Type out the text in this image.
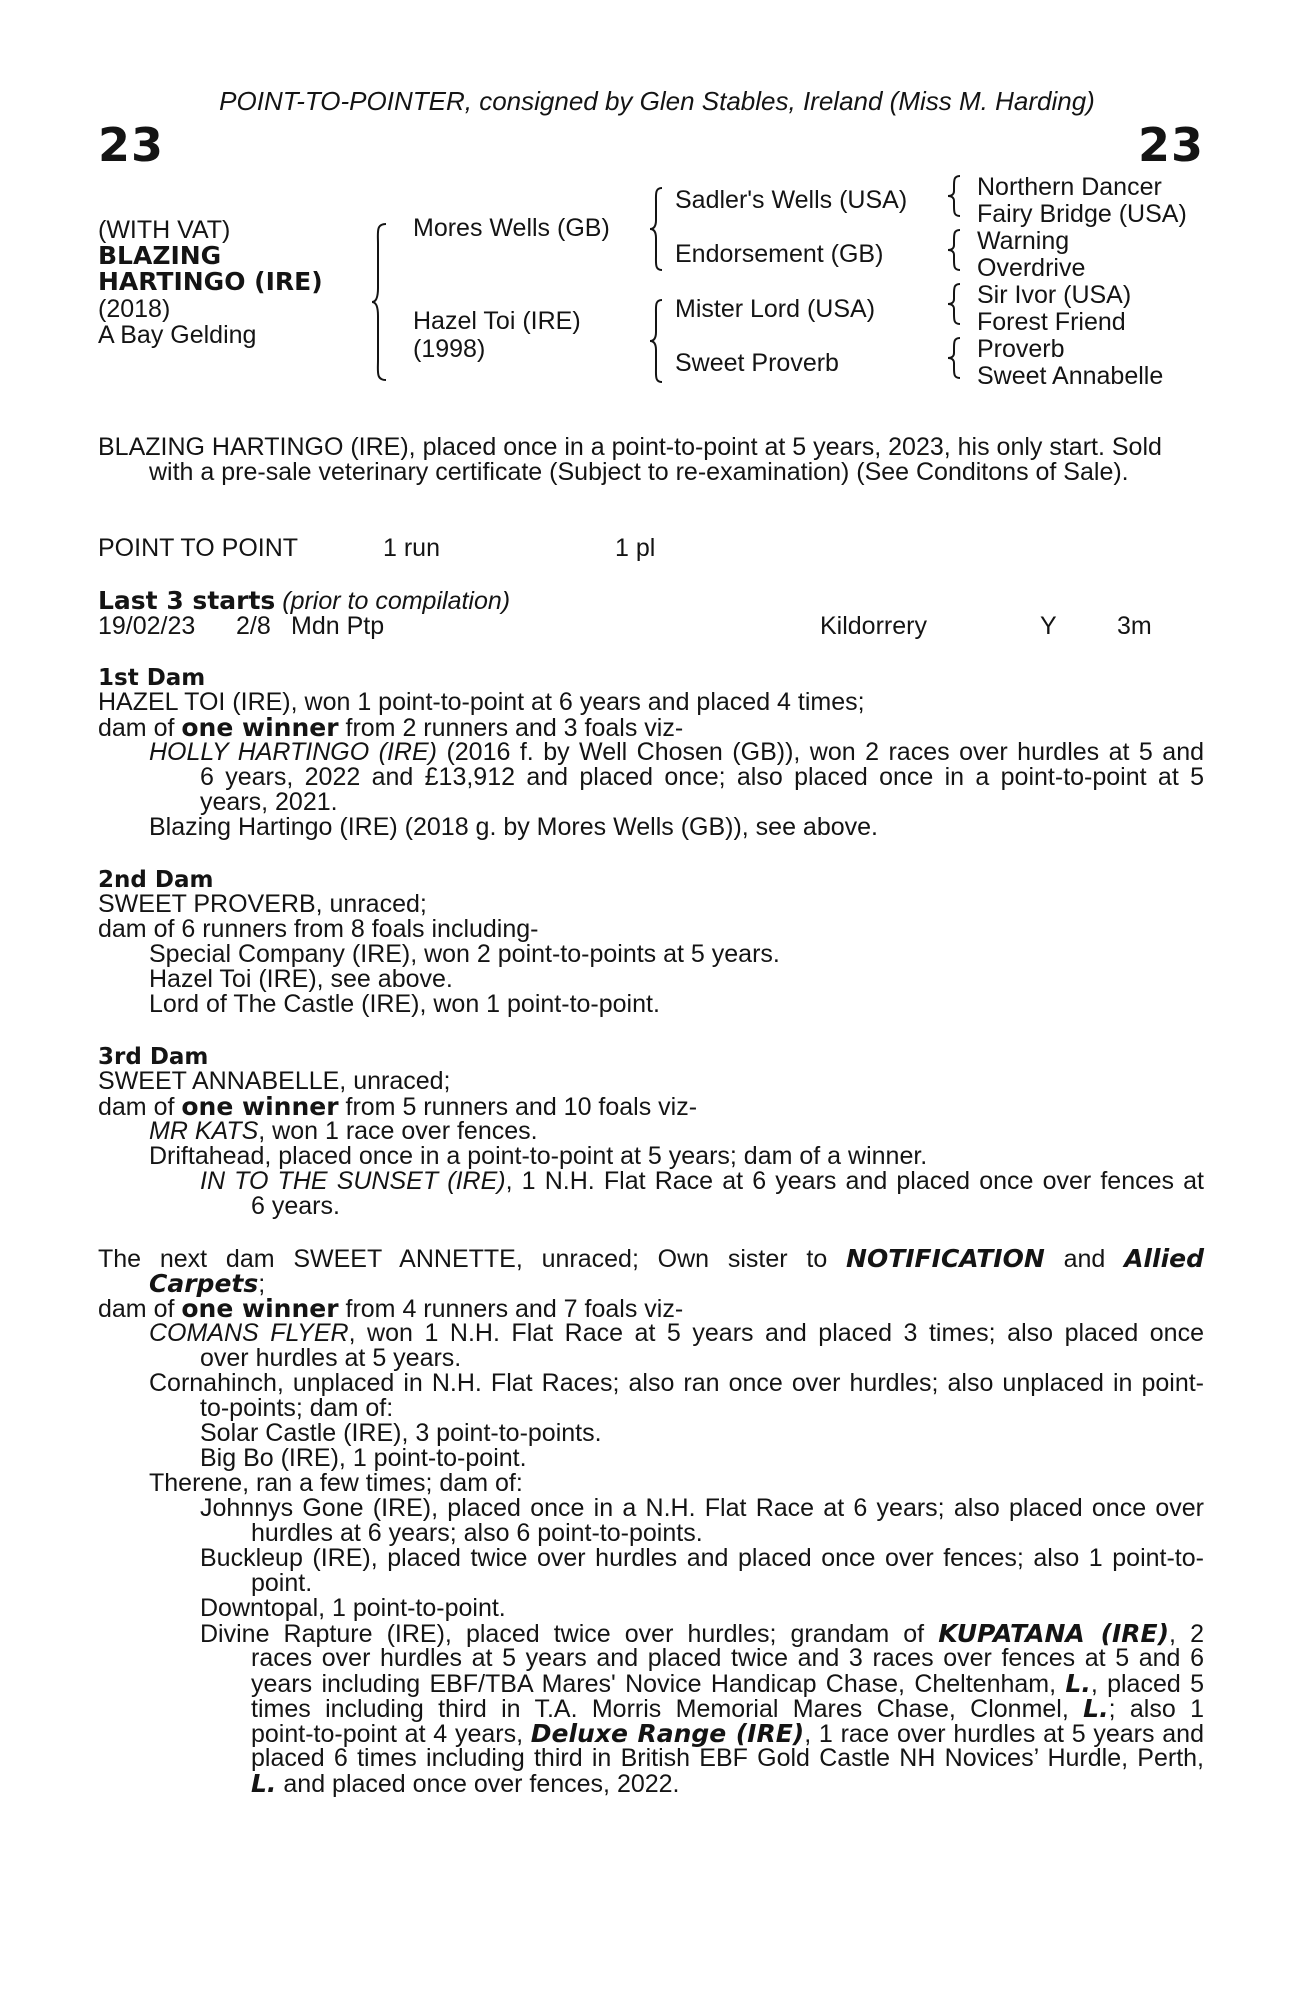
POINT-TO-POINTER, consigned by Glen Stables, Ireland (Miss M. Harding)
23	23
(WITH VAT)
BLAZING
HARTINGO (IRE)
(2018)
A Bay Gelding
Mores Wells (GB)
Hazel Toi (IRE)
(1998)
Sadler's Wells (USA)
Endorsement (GB)
Mister Lord (USA)
Sweet Proverb
Northern Dancer
Fairy Bridge (USA)
Warning
Overdrive
Sir Ivor (USA)
Forest Friend
Proverb
Sweet Annabelle
BLAZING HARTINGO (IRE), placed once in a point-to-point at 5 years, 2023, his only start. Sold
with a pre-sale veterinary certificate (Subject to re-examination) (See Conditons of Sale).
POINT TO POINT	1 run	1 pl
Last 3 starts (prior to compilation)
19/02/23 2/8 Mdn Ptp	Kildorrery	Y 3m
1st Dam
HAZEL TOI (IRE), won 1 point-to-point at 6 years and placed 4 times;
dam of one winner from 2 runners and 3 foals viz-
HOLLY HARTINGO (IRE) (2016 f. by Well Chosen (GB)), won 2 races over hurdles at 5 and
6 years, 2022 and £13,912 and placed once; also placed once in a point-to-point at 5
years, 2021.
Blazing Hartingo (IRE) (2018 g. by Mores Wells (GB)), see above.
2nd Dam
SWEET PROVERB, unraced;
dam of 6 runners from 8 foals including-
Special Company (IRE), won 2 point-to-points at 5 years.
Hazel Toi (IRE), see above.
Lord of The Castle (IRE), won 1 point-to-point.
3rd Dam
SWEET ANNABELLE, unraced;
dam of one winner from 5 runners and 10 foals viz-
MR KATS, won 1 race over fences.
Driftahead, placed once in a point-to-point at 5 years; dam of a winner.
IN TO THE SUNSET (IRE), 1 N.H. Flat Race at 6 years and placed once over fences at
6 years.
The next dam SWEET ANNETTE, unraced; Own sister to NOTIFICATION and Allied
Carpets;
dam of one winner from 4 runners and 7 foals viz-
COMANS FLYER, won 1 N.H. Flat Race at 5 years and placed 3 times; also placed once
over hurdles at 5 years.
Cornahinch, unplaced in N.H. Flat Races; also ran once over hurdles; also unplaced in point-
to-points; dam of:
Solar Castle (IRE), 3 point-to-points.
Big Bo (IRE), 1 point-to-point.
Therene, ran a few times; dam of:
Johnnys Gone (IRE), placed once in a N.H. Flat Race at 6 years; also placed once over
hurdles at 6 years; also 6 point-to-points.
Buckleup (IRE), placed twice over hurdles and placed once over fences; also 1 point-to-
point.
Downtopal, 1 point-to-point.
Divine Rapture (IRE), placed twice over hurdles; grandam of KUPATANA (IRE), 2
races over hurdles at 5 years and placed twice and 3 races over fences at 5 and 6
years including EBF/TBA Mares' Novice Handicap Chase, Cheltenham, L., placed 5
times including third in T.A. Morris Memorial Mares Chase, Clonmel, L.; also 1
point-to-point at 4 years, Deluxe Range (IRE), 1 race over hurdles at 5 years and
placed 6 times including third in British EBF Gold Castle NH Novices’ Hurdle, Perth,
L. and placed once over fences, 2022.
